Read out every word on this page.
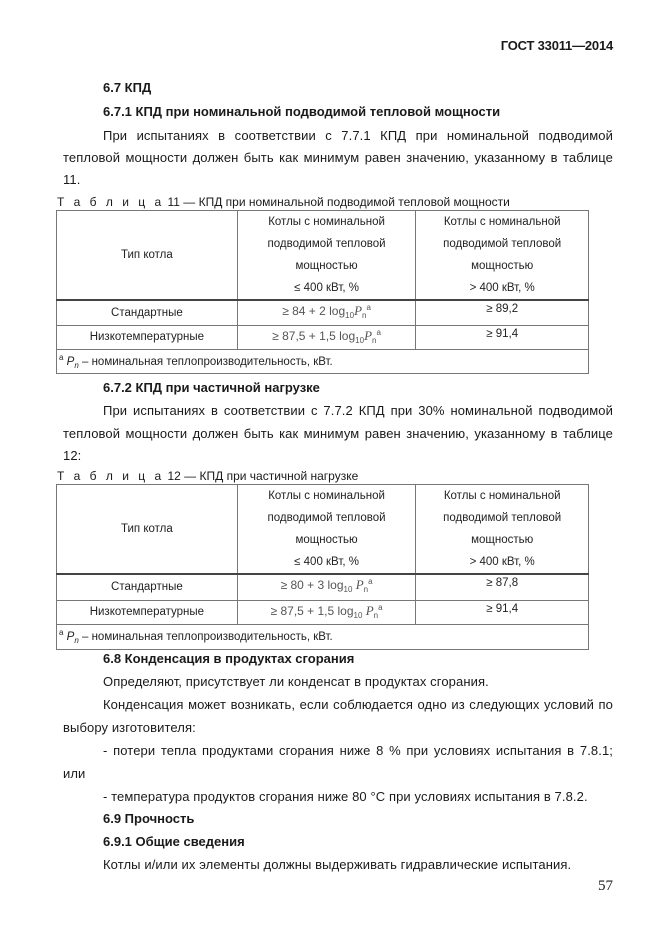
ГОСТ 33011—2014
6.7 КПД
6.7.1 КПД при номинальной подводимой тепловой мощности
При испытаниях в соответствии с 7.7.1 КПД при номинальной подводимой
тепловой мощности должен быть как минимум равен значению, указанному в таблице
11.
Т а б л и ц а 11 — КПД при номинальной подводимой тепловой мощности
Тип котла	
Котлы с номинальной
подводимой тепловой
мощностью
≤ 400 кВт, %

Котлы с номинальной
подводимой тепловой
мощностью
> 400 кВт, %

Стандартные	≥ 84 + 2 $\log_{10}P_n^a$	≥ 89,2
Низкотемпературные	≥ 87,5 + 1,5 $\log_{10}P_n^a$	≥ 91,4
$^a$ $P_n$ – номинальная теплопроизводительность, кВт.		
6.7.2 КПД при частичной нагрузке
При испытаниях в соответствии с 7.7.2 КПД при 30% номинальной подводимой
тепловой мощности должен быть как минимум равен значению, указанному в таблице
12:
Т а б л и ц а 12 — КПД при частичной нагрузке
Тип котла	
Котлы с номинальной
подводимой тепловой
мощностью
≤ 400 кВт, %

Котлы с номинальной
подводимой тепловой
мощностью
> 400 кВт, %

Стандартные	≥ 80 + 3 $\log_{10} P_n^a$	≥ 87,8
Низкотемпературные	≥ 87,5 + 1,5 $\log_{10} P_n^a$	≥ 91,4
$^a$ $P_n$ – номинальная теплопроизводительность, кВт.		
6.8 Конденсация в продуктах сгорания
Определяют, присутствует ли конденсат в продуктах сгорания.
Конденсация может возникать, если соблюдается одно из следующих условий по
выбору изготовителя:
- потери тепла продуктами сгорания ниже 8 % при условиях испытания в 7.8.1;
или
- температура продуктов сгорания ниже 80 °С при условиях испытания в 7.8.2.
6.9 Прочность
6.9.1 Общие сведения
Котлы и/или их элементы должны выдерживать гидравлические испытания.
57
